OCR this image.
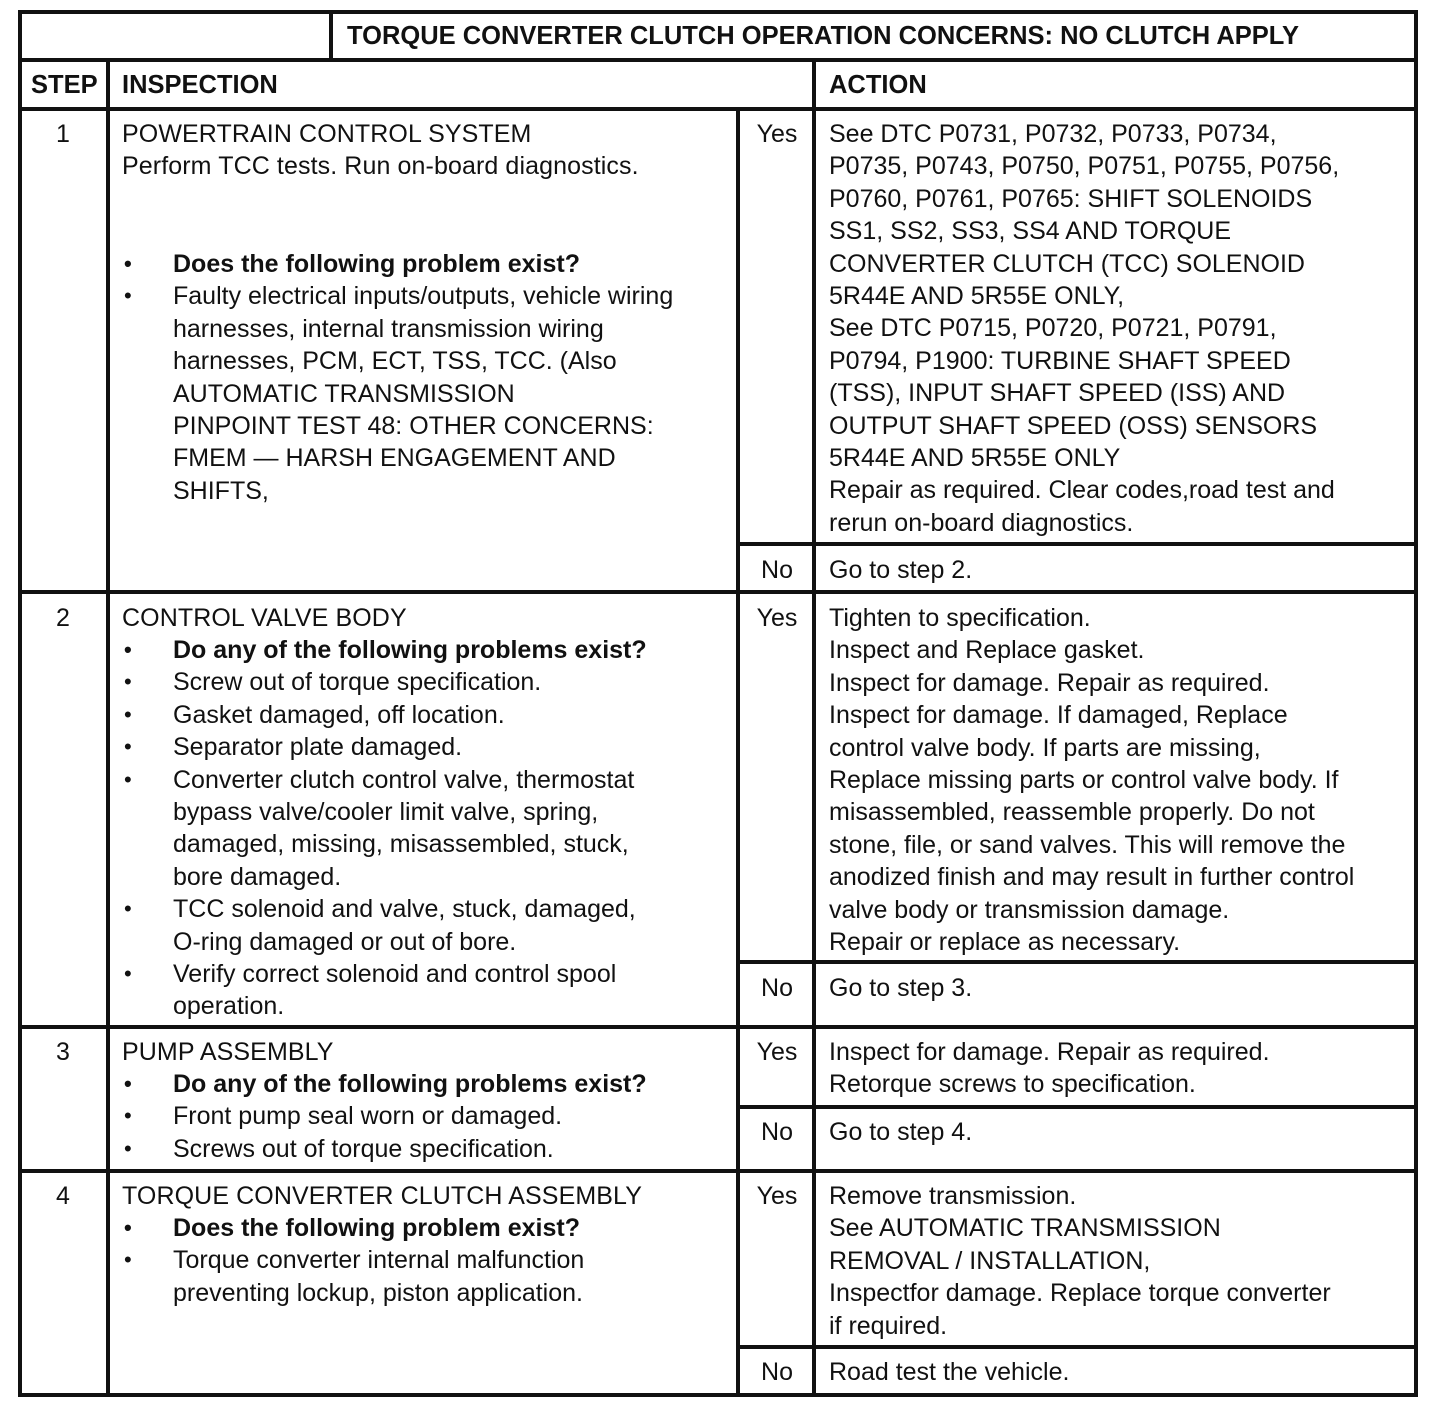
TORQUE CONVERTER CLUTCH OPERATION CONCERNS: NO CLUTCH APPLY
STEP INSPECTION	ACTION
1	POWERTRAIN CONTROL SYSTEM
Perform TCC tests. Run on-board diagnostics.
• Does the following problem exist?
• Faulty electrical inputs/outputs, vehicle wiring
harnesses, internal transmission wiring
harnesses, PCM, ECT, TSS, TCC. (Also
AUTOMATIC TRANSMISSION
PINPOINT TEST 48: OTHER CONCERNS:
FMEM — HARSH ENGAGEMENT AND
SHIFTS,
Yes	See DTC P0731, P0732, P0733, P0734,
P0735, P0743, P0750, P0751, P0755, P0756,
P0760, P0761, P0765: SHIFT SOLENOIDS
SS1, SS2, SS3, SS4 AND TORQUE
CONVERTER CLUTCH (TCC) SOLENOID
5R44E AND 5R55E ONLY,
See DTC P0715, P0720, P0721, P0791,
P0794, P1900: TURBINE SHAFT SPEED
(TSS), INPUT SHAFT SPEED (ISS) AND
OUTPUT SHAFT SPEED (OSS) SENSORS
5R44E AND 5R55E ONLY
Repair as required. Clear codes,road test and
rerun on-board diagnostics.
No	Go to step 2.
2	CONTROL VALVE BODY
• Do any of the following problems exist?
• Screw out of torque specification.
• Gasket damaged, off location.
• Separator plate damaged.
• Converter clutch control valve, thermostat
bypass valve/cooler limit valve, spring,
damaged, missing, misassembled, stuck,
bore damaged.
• TCC solenoid and valve, stuck, damaged,
O-ring damaged or out of bore.
• Verify correct solenoid and control spool
operation.
Yes	Tighten to specification.
Inspect and Replace gasket.
Inspect for damage. Repair as required.
Inspect for damage. If damaged, Replace
control valve body. If parts are missing,
Replace missing parts or control valve body. If
misassembled, reassemble properly. Do not
stone, file, or sand valves. This will remove the
anodized finish and may result in further control
valve body or transmission damage.
Repair or replace as necessary.
No	Go to step 3.
3	PUMP ASSEMBLY
• Do any of the following problems exist?
• Front pump seal worn or damaged.
• Screws out of torque specification.
Yes	Inspect for damage. Repair as required.
Retorque screws to specification.
No	Go to step 4.
4	TORQUE CONVERTER CLUTCH ASSEMBLY
• Does the following problem exist?
• Torque converter internal malfunction
preventing lockup, piston application.
Yes	Remove transmission.
See AUTOMATIC TRANSMISSION
REMOVAL / INSTALLATION,
Inspectfor damage. Replace torque converter
if required.
No	Road test the vehicle.
